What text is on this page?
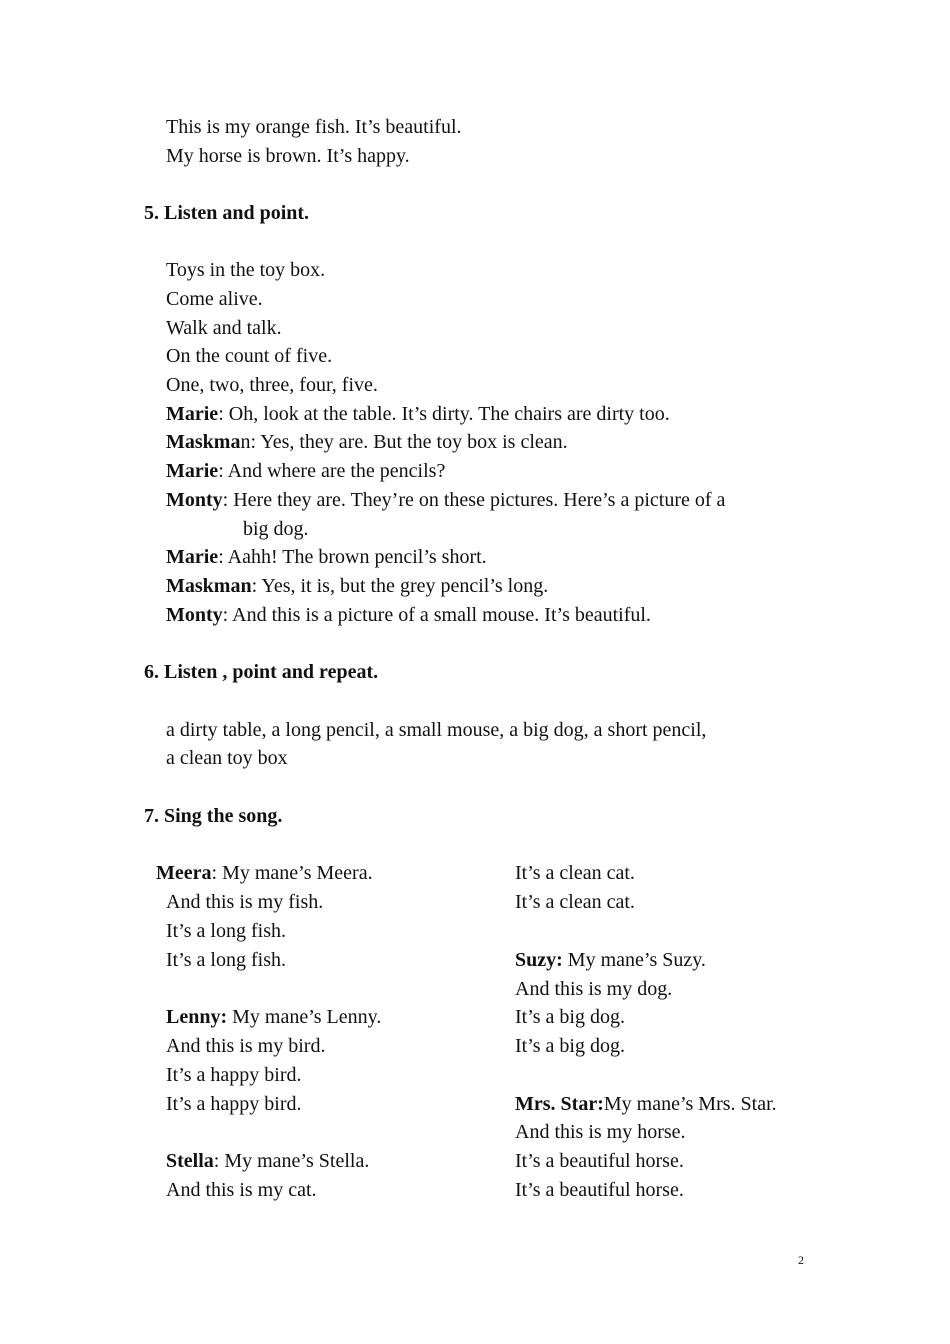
This is my orange fish. It’s beautiful.
My horse is brown. It’s happy.
5. Listen and point.
Toys in the toy box.
Come alive.
Walk and talk.
On the count of five.
One, two, three, four, five.
Marie: Oh, look at the table. It’s dirty. The chairs are dirty too.
Maskman: Yes, they are. But the toy box is clean.
Marie: And where are the pencils?
Monty: Here they are. They’re on these pictures. Here’s a picture of a
big dog.
Marie: Aahh! The brown pencil’s short.
Maskman: Yes, it is, but the grey pencil’s long.
Monty: And this is a picture of a small mouse. It’s beautiful.
6. Listen , point and repeat.
a dirty table, a long pencil, a small mouse, a big dog, a short pencil,
a clean toy box
7. Sing the song.
Meera: My mane’s Meera.
And this is my fish.
It’s a long fish.
It’s a long fish.
Lenny: My mane’s Lenny.
And this is my bird.
It’s a happy bird.
It’s a happy bird.
Stella: My mane’s Stella.
And this is my cat.
It’s a clean cat.
It’s a clean cat.
Suzy: My mane’s Suzy.
And this is my dog.
It’s a big dog.
It’s a big dog.
Mrs. Star:My mane’s Mrs. Star.
And this is my horse.
It’s a beautiful horse.
It’s a beautiful horse.
2
